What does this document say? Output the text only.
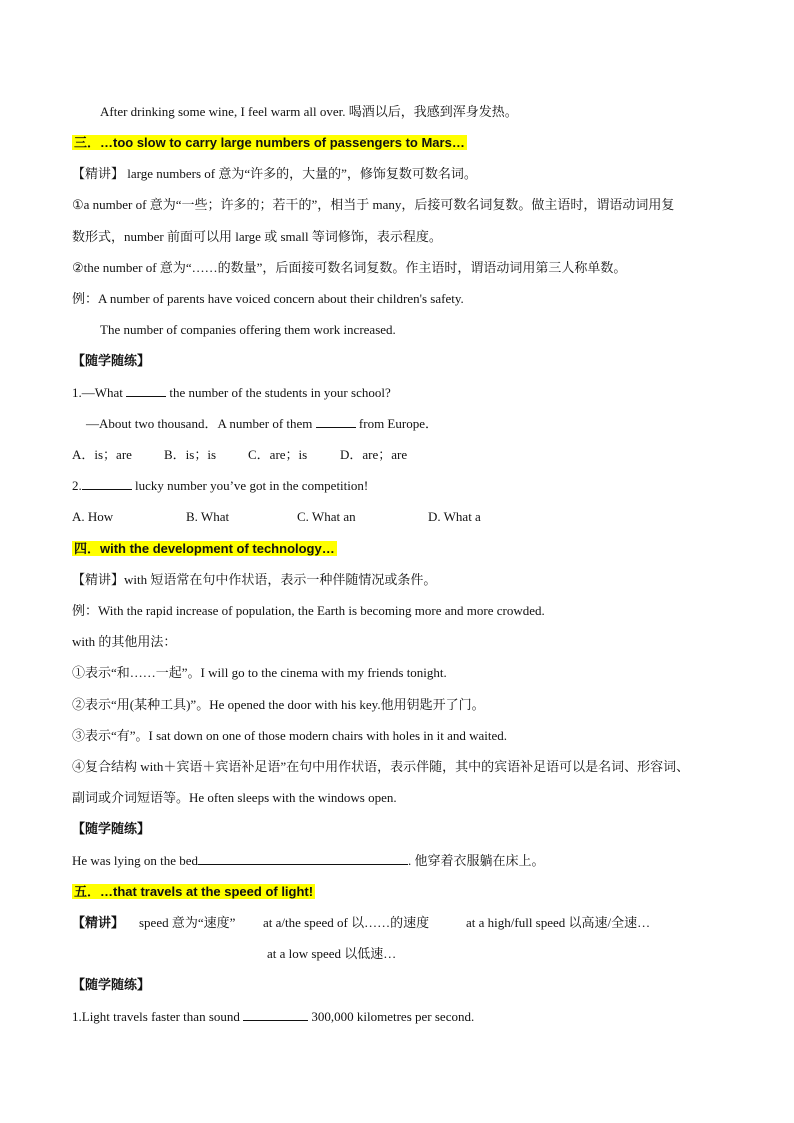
After drinking some wine, I feel warm all over. 喝酒以后，我感到浑身发热。
三．…too slow to carry large numbers of passengers to Mars…
【精讲】 large numbers of 意为“许多的，大量的”，修饰复数可数名词。
①a number of 意为“一些；许多的；若干的”，相当于 many，后接可数名词复数。做主语时，谓语动词用复
数形式，number 前面可以用 large 或 small 等词修饰，表示程度。
②the number of 意为“……的数量”，后面接可数名词复数。作主语时，谓语动词用第三人称单数。
例：A number of parents have voiced concern about their children's safety.
The number of companies offering them work increased.
【随学随练】
1.—What	the number of the students in your school?
—About two thousand．A number of them	from Europe．
A．is；are B．is；is C．are；is	D．are；are
2.	lucky number you’ve got in the competition!
A. How	B. What	C. What an	D. What a
四．with the development of technology…
【精讲】with 短语常在句中作状语，表示一种伴随情况或条件。
例：With the rapid increase of population, the Earth is becoming more and more crowded.
with 的其他用法：
①表示“和……一起”。I will go to the cinema with my friends tonight.
②表示“用(某种工具)”。He opened the door with his key.他用钥匙开了门。
③表示“有”。I sat down on one of those modern chairs with holes in it and waited.
④复合结构 with＋宾语＋宾语补足语”在句中用作状语，表示伴随，其中的宾语补足语可以是名词、形容词、
副词或介词短语等。He often sleeps with the windows open.
【随学随练】
He was lying on the bed	. 他穿着衣服躺在床上。
五．…that travels at the speed of light!
【精讲】 speed 意为“速度” at a/the speed of 以……的速度	at a high/full speed 以高速/全速…
at a low speed 以低速…
【随学随练】
1.Light travels faster than sound	300,000 kilometres per second.
